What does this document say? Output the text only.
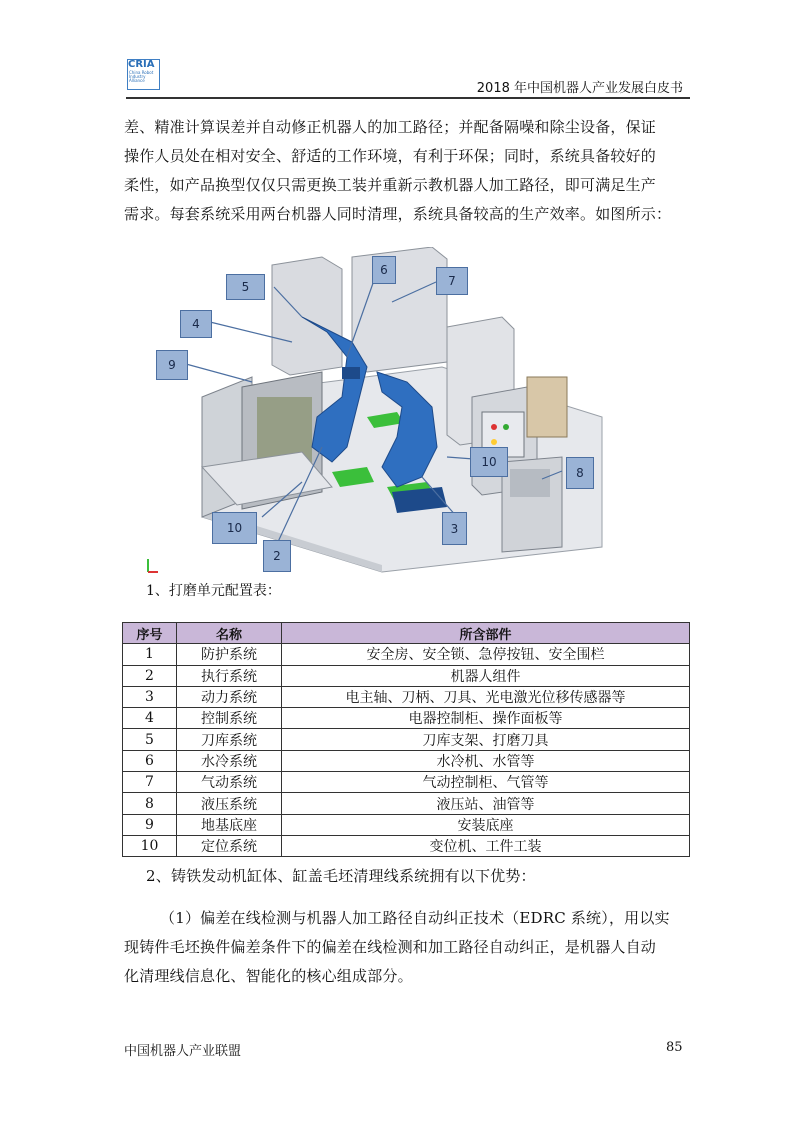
CRIA
China Robot Industry Alliance
2018 年中国机器人产业发展白皮书
差、精准计算误差并自动修正机器人的加工路径；并配备隔噪和除尘设备，保证
操作人员处在相对安全、舒适的工作环境，有利于环保；同时，系统具备较好的
柔性，如产品换型仅仅只需更换工装并重新示教机器人加工路径，即可满足生产
需求。每套系统采用两台机器人同时清理，系统具备较高的生产效率。如图所示：
5
6
7
4
9
10
8
10
2
3
1、打磨单元配置表：
序号	名称	所含部件
1	防护系统	安全房、安全锁、急停按钮、安全围栏
2	执行系统	机器人组件
3	动力系统	电主轴、刀柄、刀具、光电激光位移传感器等
4	控制系统	电器控制柜、操作面板等
5	刀库系统	刀库支架、打磨刀具
6	水冷系统	水冷机、水管等
7	气动系统	气动控制柜、气管等
8	液压系统	液压站、油管等
9	地基底座	安装底座
10	定位系统	变位机、工件工装
2、铸铁发动机缸体、缸盖毛坯清理线系统拥有以下优势：
（1）偏差在线检测与机器人加工路径自动纠正技术（EDRC 系统），用以实
现铸件毛坯换件偏差条件下的偏差在线检测和加工路径自动纠正，是机器人自动
化清理线信息化、智能化的核心组成部分。
中国机器人产业联盟	85
